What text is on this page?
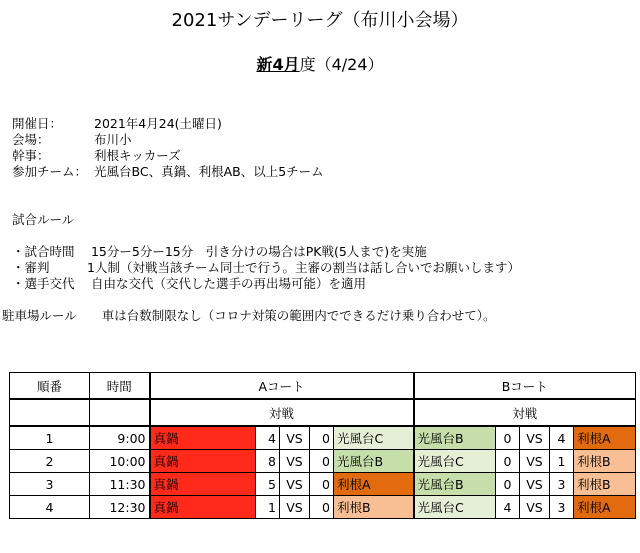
2021サンデーリーグ（布川小会場）
新4月度（4/24）
開催日：	2021年4月24(土曜日)
会場：	布川小
幹事：	利根キッカーズ
参加チーム： 光風台BC、真鍋、利根AB、以上5チーム
試合ルール
・試合時間　 15分ー5分ー15分　引き分けの場合はPK戦(5人まで)を実施
・審判　　　1人制（対戦当該チーム同士で行う。主審の割当は話し合いでお願いします）
・選手交代　 自由な交代（交代した選手の再出場可能）を適用
駐車場ルール　　車は台数制限なし（コロナ対策の範囲内でできるだけ乗り合わせて）。
順番	時間	Aコート					Bコート				
		対戦					対戦				
1	9:00	真鍋	4	VS	0	光風台C	光風台B	0	VS	4	利根A
2	10:00	真鍋	8	VS	0	光風台B	光風台C	0	VS	1	利根B
3	11:30	真鍋	5	VS	0	利根A	光風台B	0	VS	3	利根B
4	12:30	真鍋	1	VS	0	利根B	光風台C	4	VS	3	利根A
